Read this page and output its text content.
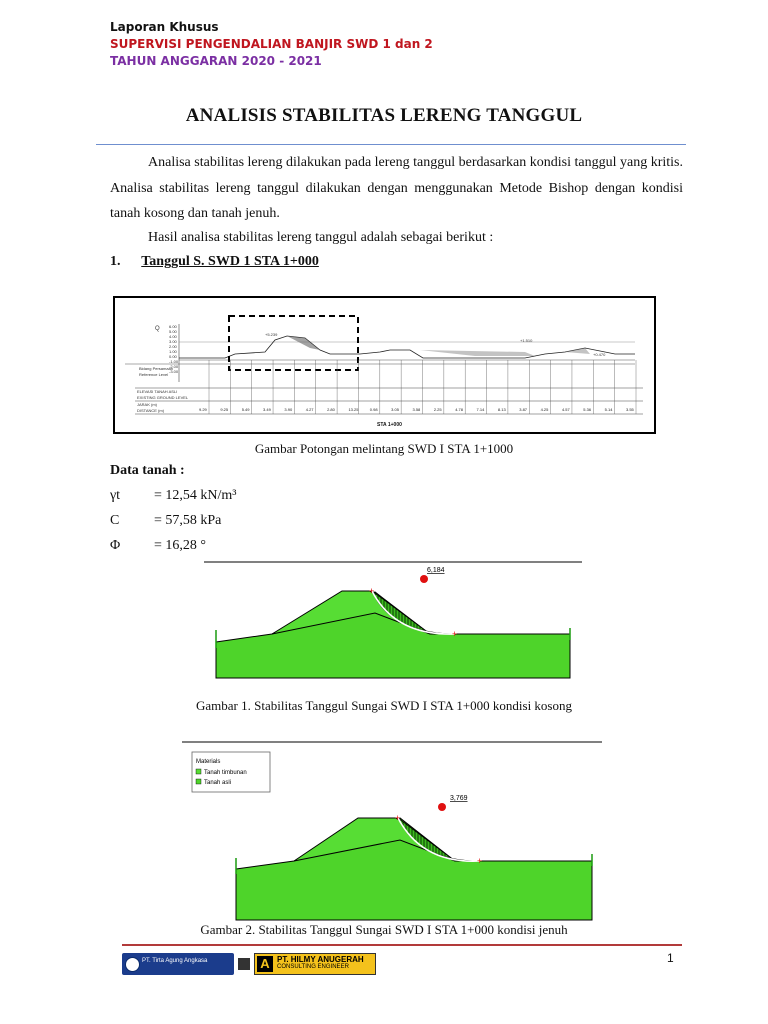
Laporan Khusus
SUPERVISI PENGENDALIAN BANJIR SWD 1 dan 2
TAHUN ANGGARAN 2020 - 2021
ANALISIS STABILITAS LERENG TANGGUL
Analisa stabilitas lereng dilakukan pada lereng tanggul berdasarkan kondisi tanggul yang kritis. Analisa stabilitas lereng tanggul dilakukan dengan menggunakan Metode Bishop dengan kondisi tanah kosong dan tanah jenuh.
Hasil analisa stabilitas lereng tanggul adalah sebagai berikut :
1. Tanggul S. SWD 1 STA 1+000
6.00
5.00
4.00
3.00
2.00
1.00
0.00
-1.00
-2.00
-3.00
Q
+5.239
+1.510
+0.470
Bidang Persamaan
Reference Level
ELEVASI TANAH ASLI
EXISTING GROUND LEVEL
JARAK (m)
DISTANCE (m)	9.29	9.25	5.49	3.49	3.90	4.27	2.80	13.25	0.98	3.05	3.58	2.25	4.78	7.14	8.13	3.87	4.25	4.57	5.36	5.14	3.55
STA 1+000
Gambar Potongan melintang SWD I STA 1+1000
Data tanah :
γt = 12,54 kN/m³
C = 57,58 kPa
Φ = 16,28 °
+
+
6,184
Gambar 1. Stabilitas Tanggul Sungai SWD I STA 1+000 kondisi kosong
Materials
Tanah timbunan
Tanah asli
+
+
3,769
Gambar 2. Stabilitas Tanggul Sungai SWD I STA 1+000 kondisi jenuh
PT. Tirta Agung Angkasa	A PT. HILMY ANUGERAH
CONSULTING ENGINEER
1
